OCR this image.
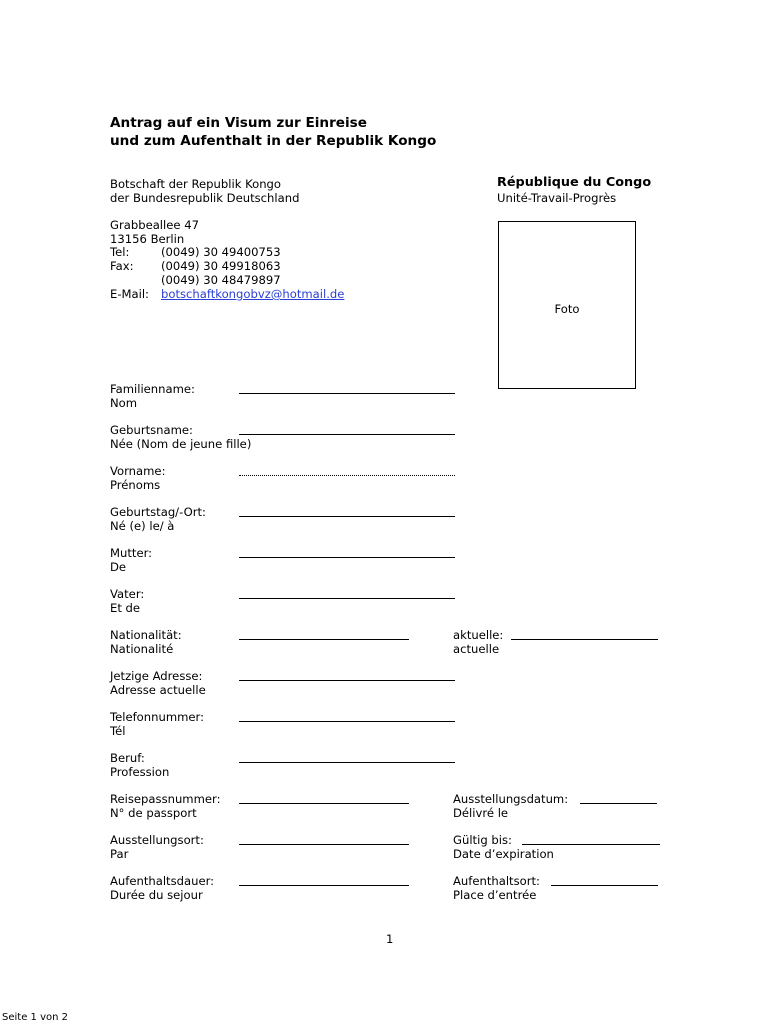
Antrag auf ein Visum zur Einreise
und zum Aufenthalt in der Republik Kongo
Botschaft der Republik Kongo
der Bundesrepublik Deutschland
Grabbeallee 47
13156 Berlin
Tel:	(0049) 30 49400753
Fax: (0049) 30 49918063
(0049) 30 48479897
E-Mail: botschaftkongobvz@hotmail.de
République du Congo
Unité-Travail-Progrès
Foto
Familienname:
Nom
Geburtsname:
Née (Nom de jeune fille)
Vorname:
Prénoms
Geburtstag/-Ort:
Né (e) le/ à
Mutter:
De
Vater:
Et de
Nationalität:
Nationalité
aktuelle:
actuelle
Jetzige Adresse:
Adresse actuelle
Telefonnummer:
Tél
Beruf:
Profession
Reisepassnummer:
N° de passport
Ausstellungsdatum:
Délivré le
Ausstellungsort:
Par
Gültig bis:
Date d’expiration
Aufenthaltsdauer:
Durée du sejour
Aufenthaltsort:
Place d’entrée
1
Seite 1 von 2
